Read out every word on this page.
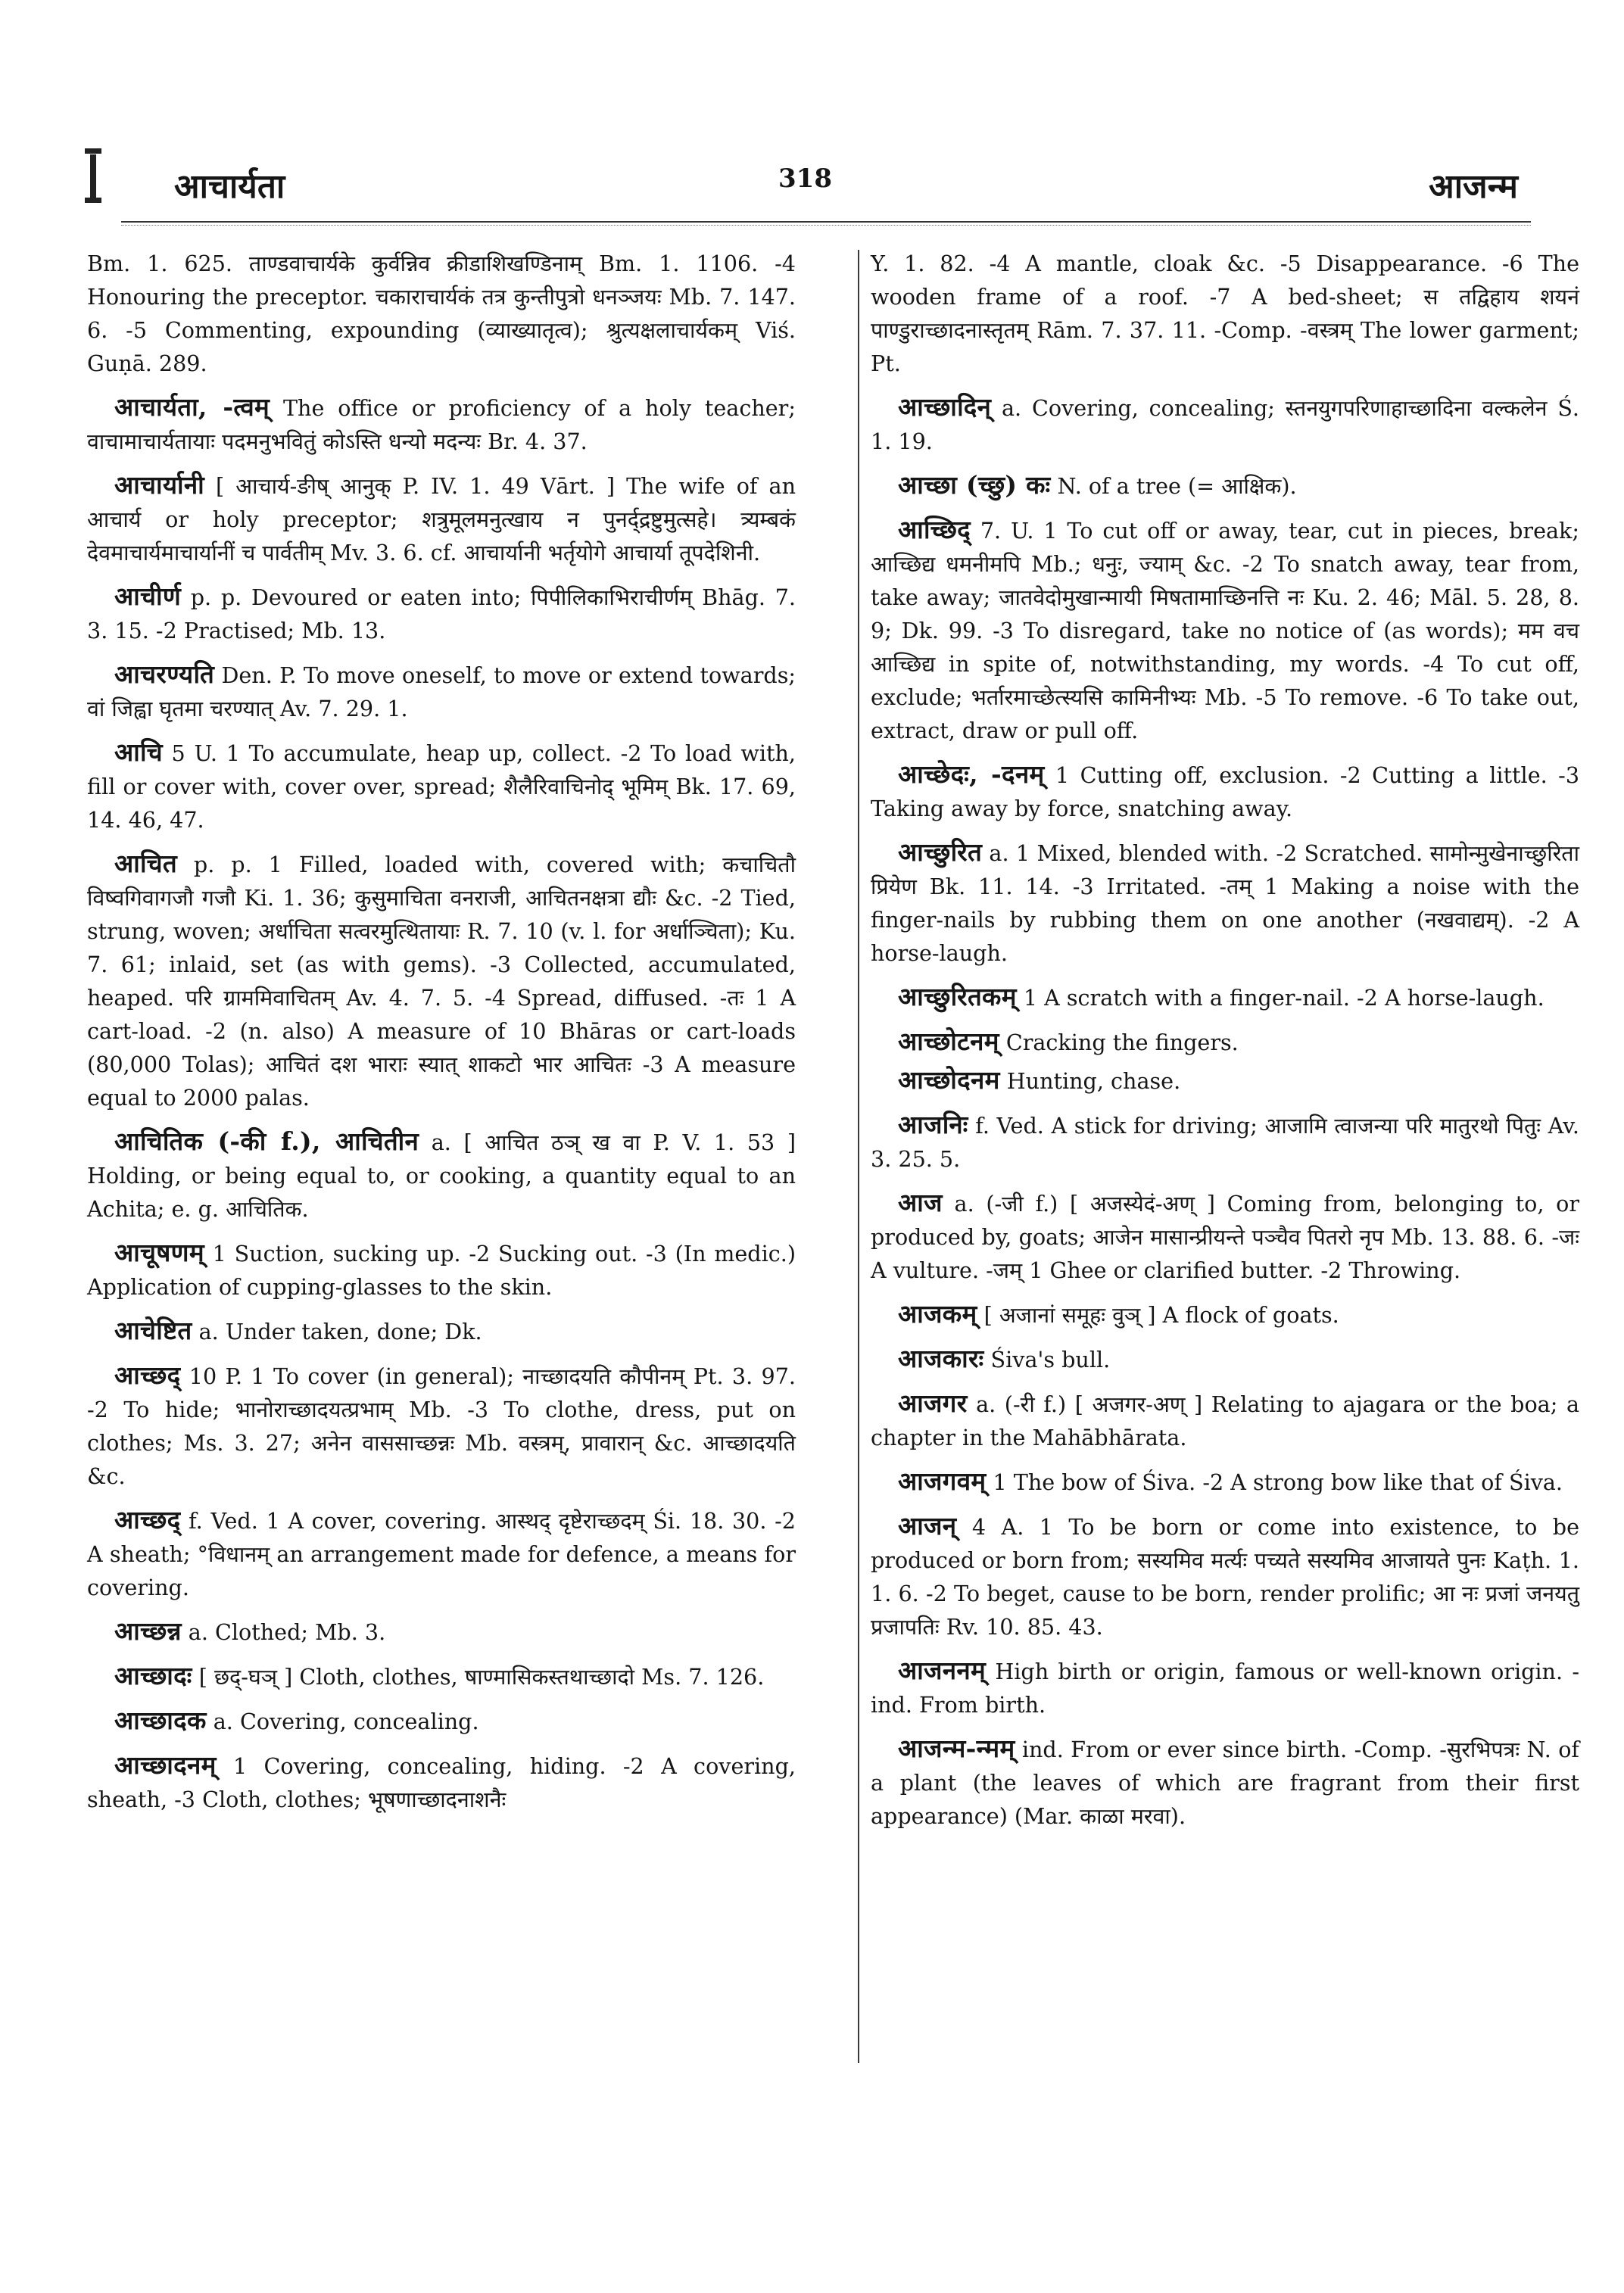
आचार्यता	318	आजन्म

Bm. 1. 625. ताण्डवाचार्यके कुर्वन्निव क्रीडाशिखण्डिनाम् Bm. 1. 1106. -4 Honouring the preceptor. चकाराचार्यकं तत्र कुन्तीपुत्रो धनञ्जयः Mb. 7. 147. 6. -5 Commenting, expounding (व्याख्यातृत्व); श्रुत्यक्षलाचार्यकम् Viś. Guṇā. 289.

आचार्यता, -त्वम् The office or proficiency of a holy teacher; वाचामाचार्यतायाः पदमनुभवितुं कोऽस्ति धन्यो मदन्यः Br. 4. 37.

आचार्यानी [ आचार्य-ङीष् आनुक् P. IV. 1. 49 Vārt. ] The wife of an आचार्य or holy preceptor; शत्रुमूलमनुत्खाय न पुनर्द्द्रष्टुमुत्सहे। त्र्यम्बकं देवमाचार्यमाचार्यानीं च पार्वतीम् Mv. 3. 6. cf. आचार्यानी भर्तृयोगे आचार्या तूपदेशिनी.

आचीर्ण p. p. Devoured or eaten into; पिपीलिकाभिराचीर्णम् Bhāg. 7. 3. 15. -2 Practised; Mb. 13.

आचरण्यति Den. P. To move oneself, to move or extend towards; वां जिह्वा घृतमा चरण्यात् Av. 7. 29. 1.

आचि 5 U. 1 To accumulate, heap up, collect. -2 To load with, fill or cover with, cover over, spread; शैलैरिवाचिनोद् भूमिम् Bk. 17. 69, 14. 46, 47.

आचित p. p. 1 Filled, loaded with, covered with; कचाचितौ विष्वगिवागजौ गजौ Ki. 1. 36; कुसुमाचिता वनराजी, आचितनक्षत्रा द्यौः &c. -2 Tied, strung, woven; अर्धाचिता सत्वरमुत्थितायाः R. 7. 10 (v. l. for अर्धाञ्चिता); Ku. 7. 61; inlaid, set (as with gems). -3 Collected, accumulated, heaped. परि ग्राममिवाचितम् Av. 4. 7. 5. -4 Spread, diffused. -तः 1 A cart-load. -2 (n. also) A measure of 10 Bhāras or cart-loads (80,000 Tolas); आचितं दश भाराः स्यात् शाकटो भार आचितः -3 A measure equal to 2000 palas.

आचितिक (-की f.), आचितीन a. [ आचित ठञ् ख वा P. V. 1. 53 ] Holding, or being equal to, or cooking, a quantity equal to an Achita; e. g. आचितिक.

आचूषणम् 1 Suction, sucking up. -2 Sucking out. -3 (In medic.) Application of cupping-glasses to the skin.

आचेष्टित a. Under taken, done; Dk.

आच्छद् 10 P. 1 To cover (in general); नाच्छादयति कौपीनम् Pt. 3. 97. -2 To hide; भानोराच्छादयत्प्रभाम् Mb. -3 To clothe, dress, put on clothes; Ms. 3. 27; अनेन वाससाच्छन्नः Mb. वस्त्रम्, प्रावारान् &c. आच्छादयति &c.

आच्छद् f. Ved. 1 A cover, covering. आस्थद् दृष्टेराच्छदम् Śi. 18. 30. -2 A sheath; °विधानम् an arrangement made for defence, a means for covering.

आच्छन्न a. Clothed; Mb. 3.

आच्छादः [ छद्-घञ् ] Cloth, clothes, षाण्मासिकस्तथाच्छादो Ms. 7. 126.

आच्छादक a. Covering, concealing.

आच्छादनम् 1 Covering, concealing, hiding. -2 A covering, sheath, -3 Cloth, clothes; भूषणाच्छादनाशनैः

Y. 1. 82. -4 A mantle, cloak &c. -5 Disappearance. -6 The wooden frame of a roof. -7 A bed-sheet; स तद्विहाय शयनं पाण्डुराच्छादनास्तृतम् Rām. 7. 37. 11. -Comp. -वस्त्रम् The lower garment; Pt.

आच्छादिन् a. Covering, concealing; स्तनयुगपरिणाहाच्छादिना वल्कलेन Ś. 1. 19.

आच्छा (च्छु) कः N. of a tree (= आक्षिक).

आच्छिद् 7. U. 1 To cut off or away, tear, cut in pieces, break; आच्छिद्य धमनीमपि Mb.; धनुः, ज्याम् &c. -2 To snatch away, tear from, take away; जातवेदोमुखान्मायी मिषतामाच्छिनत्ति नः Ku. 2. 46; Māl. 5. 28, 8. 9; Dk. 99. -3 To disregard, take no notice of (as words); मम वच आच्छिद्य in spite of, notwithstanding, my words. -4 To cut off, exclude; भर्तारमाच्छेत्स्यसि कामिनीभ्यः Mb. -5 To remove. -6 To take out, extract, draw or pull off.

आच्छेदः, -दनम् 1 Cutting off, exclusion. -2 Cutting a little. -3 Taking away by force, snatching away.

आच्छुरित a. 1 Mixed, blended with. -2 Scratched. सामोन्मुखेनाच्छुरिता प्रियेण Bk. 11. 14. -3 Irritated. -तम् 1 Making a noise with the finger-nails by rubbing them on one another (नखवाद्यम्). -2 A horse-laugh.

आच्छुरितकम् 1 A scratch with a finger-nail. -2 A horse-laugh.

आच्छोटनम् Cracking the fingers.

आच्छोदनम Hunting, chase.

आजनिः f. Ved. A stick for driving; आजामि त्वाजन्या परि मातुरथो पितुः Av. 3. 25. 5.

आज a. (-जी f.) [ अजस्येदं-अण् ] Coming from, belonging to, or produced by, goats; आजेन मासान्प्रीयन्ते पञ्चैव पितरो नृप Mb. 13. 88. 6. -जः A vulture. -जम् 1 Ghee or clarified butter. -2 Throwing.

आजकम् [ अजानां समूहः वुञ् ] A flock of goats.

आजकारः Śiva's bull.

आजगर a. (-री f.) [ अजगर-अण् ] Relating to ajagara or the boa; a chapter in the Mahābhārata.

आजगवम् 1 The bow of Śiva. -2 A strong bow like that of Śiva.

आजन् 4 A. 1 To be born or come into existence, to be produced or born from; सस्यमिव मर्त्यः पच्यते सस्यमिव आजायते पुनः Kaṭh. 1. 1. 6. -2 To beget, cause to be born, render prolific; आ नः प्रजां जनयतु प्रजापतिः Rv. 10. 85. 43.

आजननम् High birth or origin, famous or well-known origin. -ind. From birth.

आजन्म-न्मम् ind. From or ever since birth. -Comp. -सुरभिपत्रः N. of a plant (the leaves of which are fragrant from their first appearance) (Mar. काळा मरवा).
